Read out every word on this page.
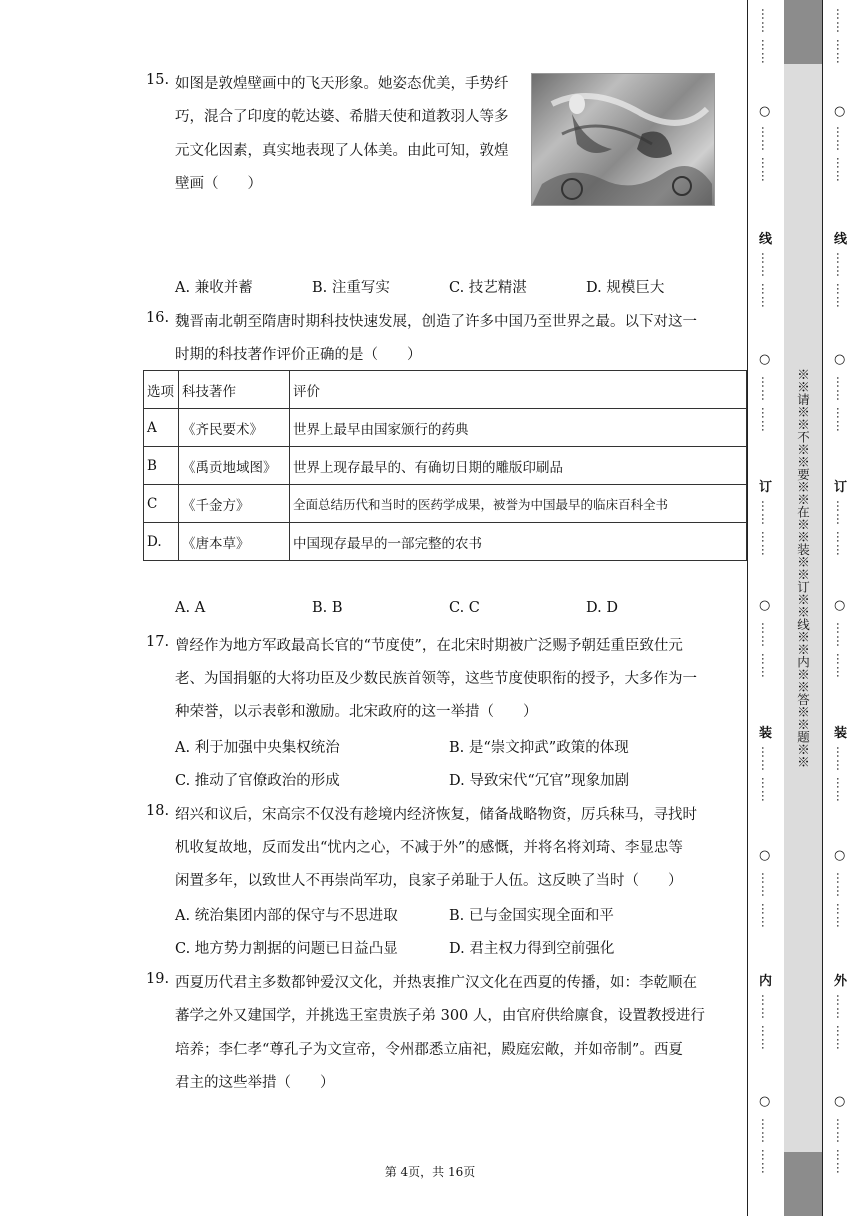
15. 如图是敦煌壁画中的飞天形象。她姿态优美，手势纤
巧，混合了印度的乾达婆、希腊天使和道教羽人等多
元文化因素，真实地表现了人体美。由此可知，敦煌
壁画（　　）
A. 兼收并蓄	B. 注重写实	C. 技艺精湛	D. 规模巨大
16. 魏晋南北朝至隋唐时期科技快速发展，创造了许多中国乃至世界之最。以下对这一
时期的科技著作评价正确的是（　　）
选项	科技著作	评价
A	《齐民要术》	世界上最早由国家颁行的药典
B	《禹贡地域图》	世界上现存最早的、有确切日期的雕版印刷品
C	《千金方》	全面总结历代和当时的医药学成果，被誉为中国最早的临床百科全书
D.	《唐本草》	中国现存最早的一部完整的农书
A. A	B. B	C. C	D. D
17. 曾经作为地方军政最高长官的“节度使”，在北宋时期被广泛赐予朝廷重臣致仕元
老、为国捐躯的大将功臣及少数民族首领等，这些节度使职衔的授予，大多作为一
种荣誉，以示表彰和激励。北宋政府的这一举措（　　）
A. 利于加强中央集权统治	B. 是“崇文抑武”政策的体现
C. 推动了官僚政治的形成	D. 导致宋代“冗官”现象加剧
18. 绍兴和议后，宋高宗不仅没有趁境内经济恢复，储备战略物资，厉兵秣马，寻找时
机收复故地，反而发出“忧内之心，不减于外”的感慨，并将名将刘琦、李显忠等
闲置多年，以致世人不再崇尚军功，良家子弟耻于人伍。这反映了当时（　　）
A. 统治集团内部的保守与不思进取	B. 已与金国实现全面和平
C. 地方势力割据的问题已日益凸显	D. 君主权力得到空前强化
19. 西夏历代君主多数都钟爱汉文化，并热衷推广汉文化在西夏的传播，如：李乾顺在
蕃学之外又建国学，并挑选王室贵族子弟 300 人，由官府供给廪食，设置教授进行
培养；李仁孝“尊孔子为文宣帝，令州郡悉立庙祀，殿庭宏敞，并如帝制”。西夏
君主的这些举措（　　）
第 4页，共 16页
…… ……
○
…… ……
线
…… ……
○
…… ……
订
…… ……
○
…… ……
装
…… ……
○
…… ……
内
…… ……
○
…… ……
※※请※※不※※要※※在※※装※※订※※线※※内※※答※※题※※
…… ……
○
…… ……
线
…… ……
○
…… ……
订
…… ……
○
…… ……
装
…… ……
○
…… ……
外
…… ……
○
…… ……
